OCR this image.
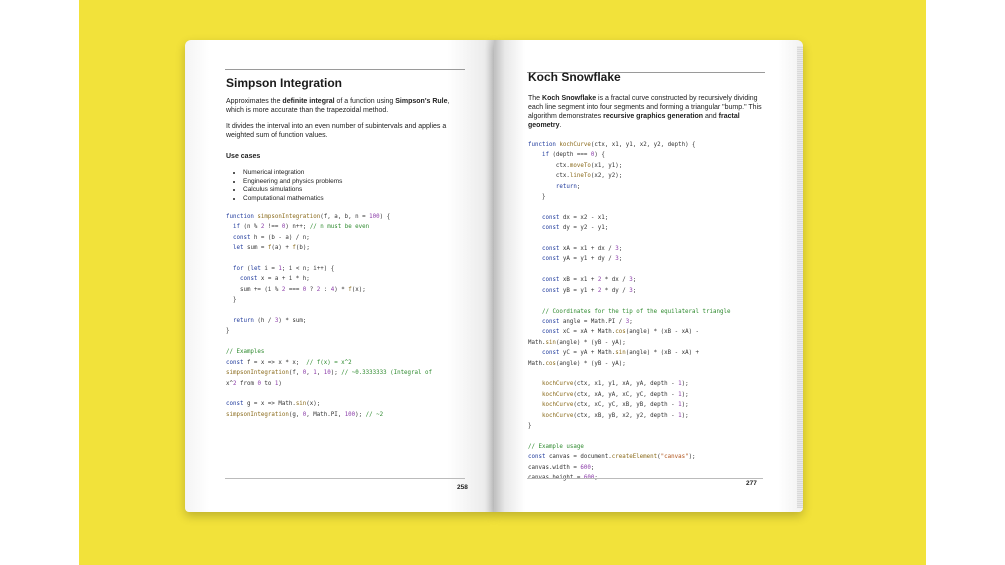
Simpson Integration
Approximates the definite integral of a function using Simpson's Rule, which is more accurate than the trapezoidal method.
It divides the interval into an even number of subintervals and applies a weighted sum of function values.
Use cases
• Numerical integration
• Engineering and physics problems
• Calculus simulations
• Computational mathematics
function simpsonIntegration(f, a, b, n = 100) {
if (n % 2 !== 0) n++; // n must be even
const h = (b - a) / n;
let sum = f(a) + f(b);
for (let i = 1; i < n; i++) {
const x = a + i * h;
sum += (i % 2 === 0 ? 2 : 4) * f(x);
}
return (h / 3) * sum;
}
// Examples
const f = x => x * x;  // f(x) = x^2
simpsonIntegration(f, 0, 1, 10); // ~0.3333333 (Integral of
x^2 from 0 to 1)
const g = x => Math.sin(x);
simpsonIntegration(g, 0, Math.PI, 100); // ~2
258
Koch Snowflake
The Koch Snowflake is a fractal curve constructed by recursively dividing each line segment into four segments and forming a triangular "bump." This algorithm demonstrates recursive graphics generation and fractal geometry.
function kochCurve(ctx, x1, y1, x2, y2, depth) {
if (depth === 0) {
ctx.moveTo(x1, y1);
ctx.lineTo(x2, y2);
return;
}
const dx = x2 - x1;
const dy = y2 - y1;
const xA = x1 + dx / 3;
const yA = y1 + dy / 3;
const xB = x1 + 2 * dx / 3;
const yB = y1 + 2 * dy / 3;
// Coordinates for the tip of the equilateral triangle
const angle = Math.PI / 3;
const xC = xA + Math.cos(angle) * (xB - xA) -
Math.sin(angle) * (yB - yA);
const yC = yA + Math.sin(angle) * (xB - xA) +
Math.cos(angle) * (yB - yA);
kochCurve(ctx, x1, y1, xA, yA, depth - 1);
kochCurve(ctx, xA, yA, xC, yC, depth - 1);
kochCurve(ctx, xC, yC, xB, yB, depth - 1);
kochCurve(ctx, xB, yB, x2, y2, depth - 1);
}
// Example usage
const canvas = document.createElement("canvas");
canvas.width = 600;
277
